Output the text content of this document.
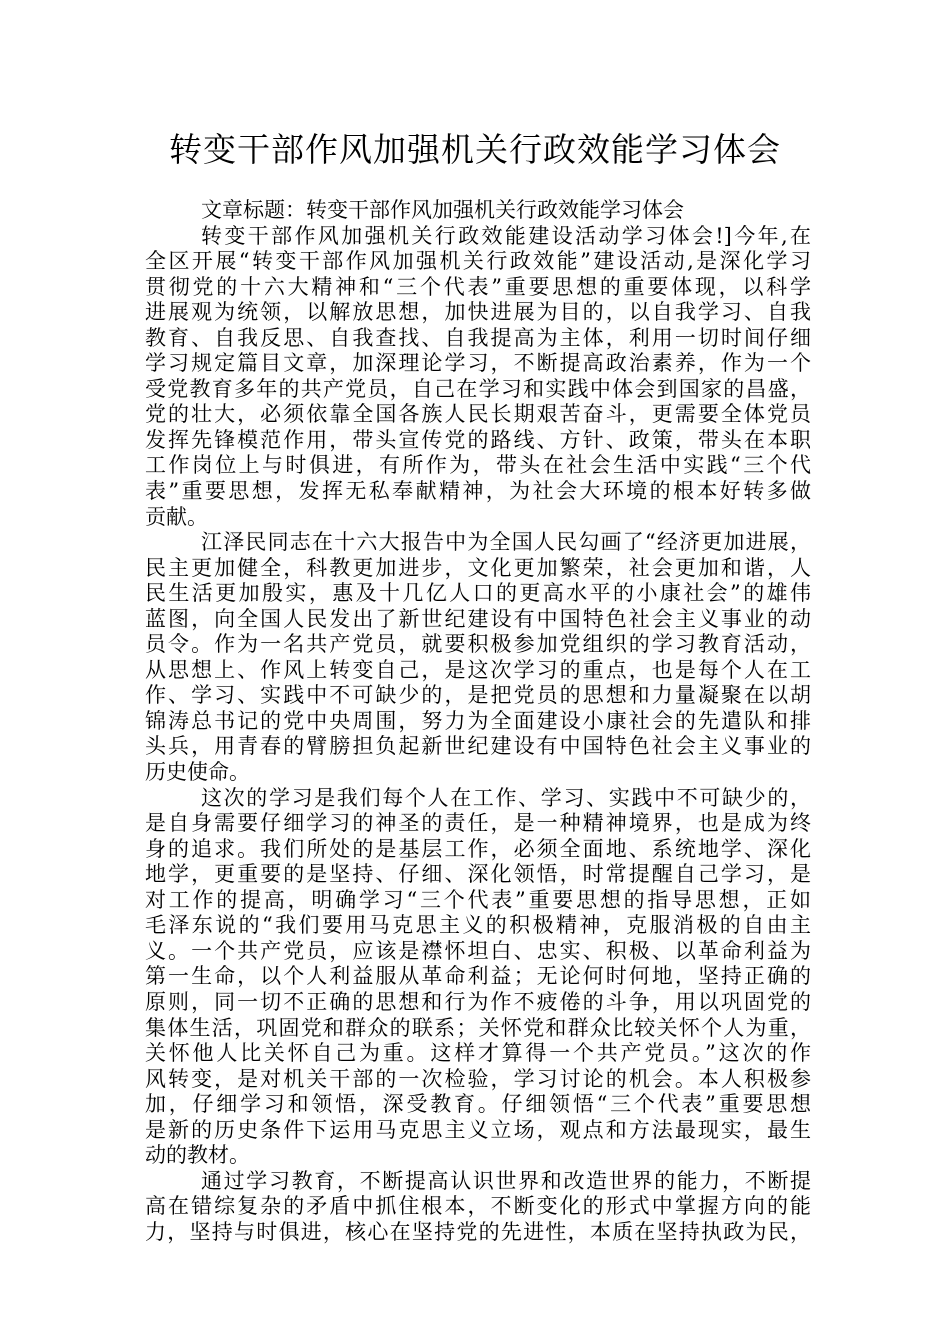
转变干部作风加强机关行政效能学习体会
文章标题：转变干部作风加强机关行政效能学习体会
转变干部作风加强机关行政效能建设活动学习体会!]今年,在
全区开展“转变干部作风加强机关行政效能”建设活动,是深化学习
贯彻党的十六大精神和“三个代表”重要思想的重要体现，以科学
进展观为统领，以解放思想，加快进展为目的，以自我学习、自我
教育、自我反思、自我查找、自我提高为主体，利用一切时间仔细
学习规定篇目文章，加深理论学习，不断提高政治素养，作为一个
受党教育多年的共产党员，自己在学习和实践中体会到国家的昌盛，
党的壮大，必须依靠全国各族人民长期艰苦奋斗，更需要全体党员
发挥先锋模范作用，带头宣传党的路线、方针、政策，带头在本职
工作岗位上与时俱进，有所作为，带头在社会生活中实践“三个代
表”重要思想，发挥无私奉献精神，为社会大环境的根本好转多做
贡献。
江泽民同志在十六大报告中为全国人民勾画了“经济更加进展，
民主更加健全，科教更加进步，文化更加繁荣，社会更加和谐，人
民生活更加殷实，惠及十几亿人口的更高水平的小康社会”的雄伟
蓝图，向全国人民发出了新世纪建设有中国特色社会主义事业的动
员令。作为一名共产党员，就要积极参加党组织的学习教育活动，
从思想上、作风上转变自己，是这次学习的重点，也是每个人在工
作、学习、实践中不可缺少的，是把党员的思想和力量凝聚在以胡
锦涛总书记的党中央周围，努力为全面建设小康社会的先遣队和排
头兵，用青春的臂膀担负起新世纪建设有中国特色社会主义事业的
历史使命。
这次的学习是我们每个人在工作、学习、实践中不可缺少的，
是自身需要仔细学习的神圣的责任，是一种精神境界，也是成为终
身的追求。我们所处的是基层工作，必须全面地、系统地学、深化
地学，更重要的是坚持、仔细、深化领悟，时常提醒自己学习，是
对工作的提高，明确学习“三个代表”重要思想的指导思想，正如
毛泽东说的“我们要用马克思主义的积极精神，克服消极的自由主
义。一个共产党员，应该是襟怀坦白、忠实、积极、以革命利益为
第一生命，以个人利益服从革命利益；无论何时何地，坚持正确的
原则，同一切不正确的思想和行为作不疲倦的斗争，用以巩固党的
集体生活，巩固党和群众的联系；关怀党和群众比较关怀个人为重，
关怀他人比关怀自己为重。这样才算得一个共产党员。”这次的作
风转变，是对机关干部的一次检验，学习讨论的机会。本人积极参
加，仔细学习和领悟，深受教育。仔细领悟“三个代表”重要思想
是新的历史条件下运用马克思主义立场，观点和方法最现实，最生
动的教材。
通过学习教育，不断提高认识世界和改造世界的能力，不断提
高在错综复杂的矛盾中抓住根本，不断变化的形式中掌握方向的能
力，坚持与时俱进，核心在坚持党的先进性，本质在坚持执政为民，
